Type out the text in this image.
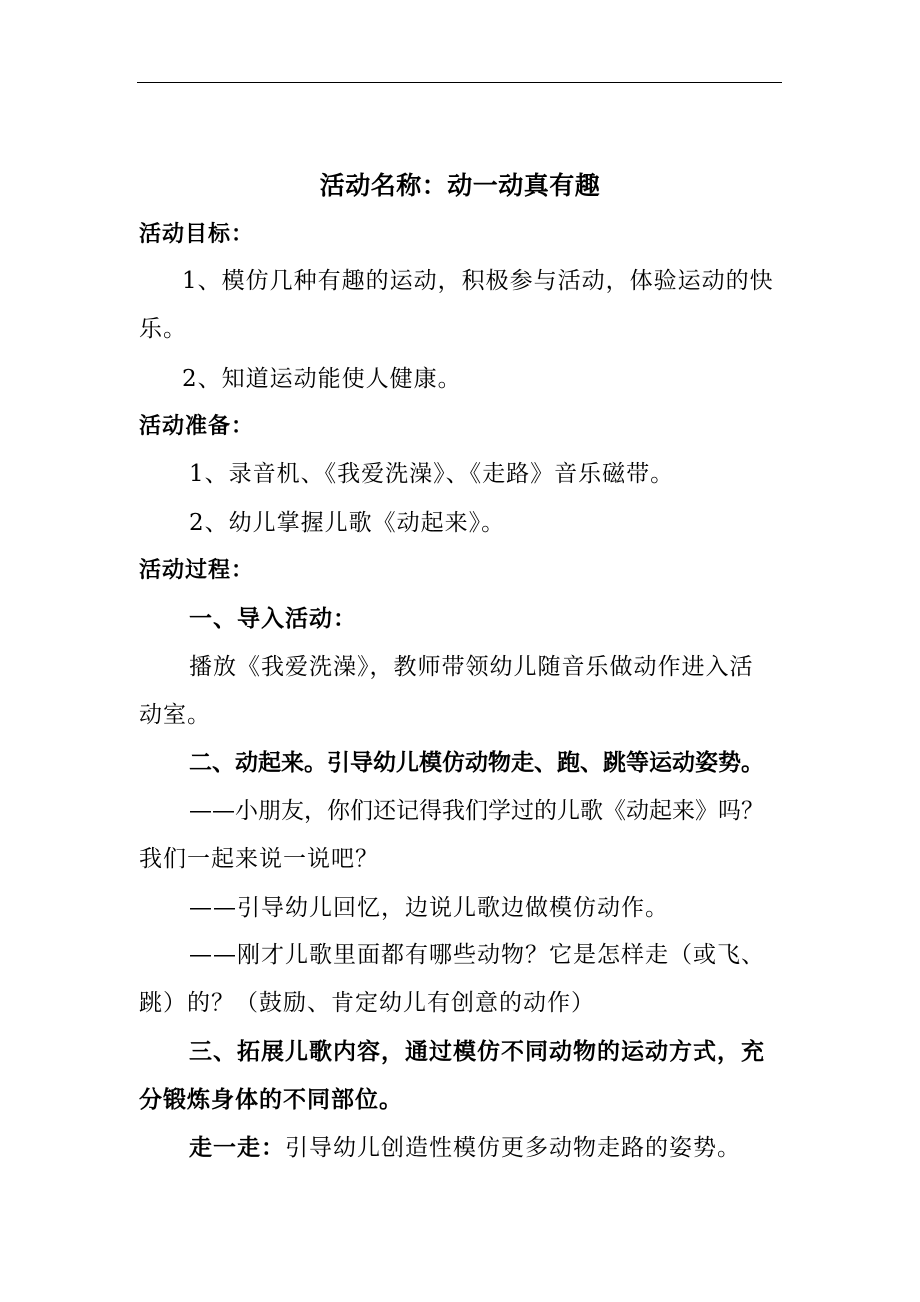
活动名称：动一动真有趣
活动目标：
1、模仿几种有趣的运动，积极参与活动，体验运动的快
乐。
2、知道运动能使人健康。
活动准备：
1、录音机、《我爱洗澡》、《走路》音乐磁带。
2、幼儿掌握儿歌《动起来》。
活动过程：
一、导入活动：
播放《我爱洗澡》，教师带领幼儿随音乐做动作进入活
动室。
二、动起来。引导幼儿模仿动物走、跑、跳等运动姿势。
——小朋友，你们还记得我们学过的儿歌《动起来》吗？
我们一起来说一说吧？
——引导幼儿回忆，边说儿歌边做模仿动作。
——刚才儿歌里面都有哪些动物？它是怎样走（或飞、
跳）的？（鼓励、肯定幼儿有创意的动作）
三、拓展儿歌内容，通过模仿不同动物的运动方式，充
分锻炼身体的不同部位。
走一走：引导幼儿创造性模仿更多动物走路的姿势。
